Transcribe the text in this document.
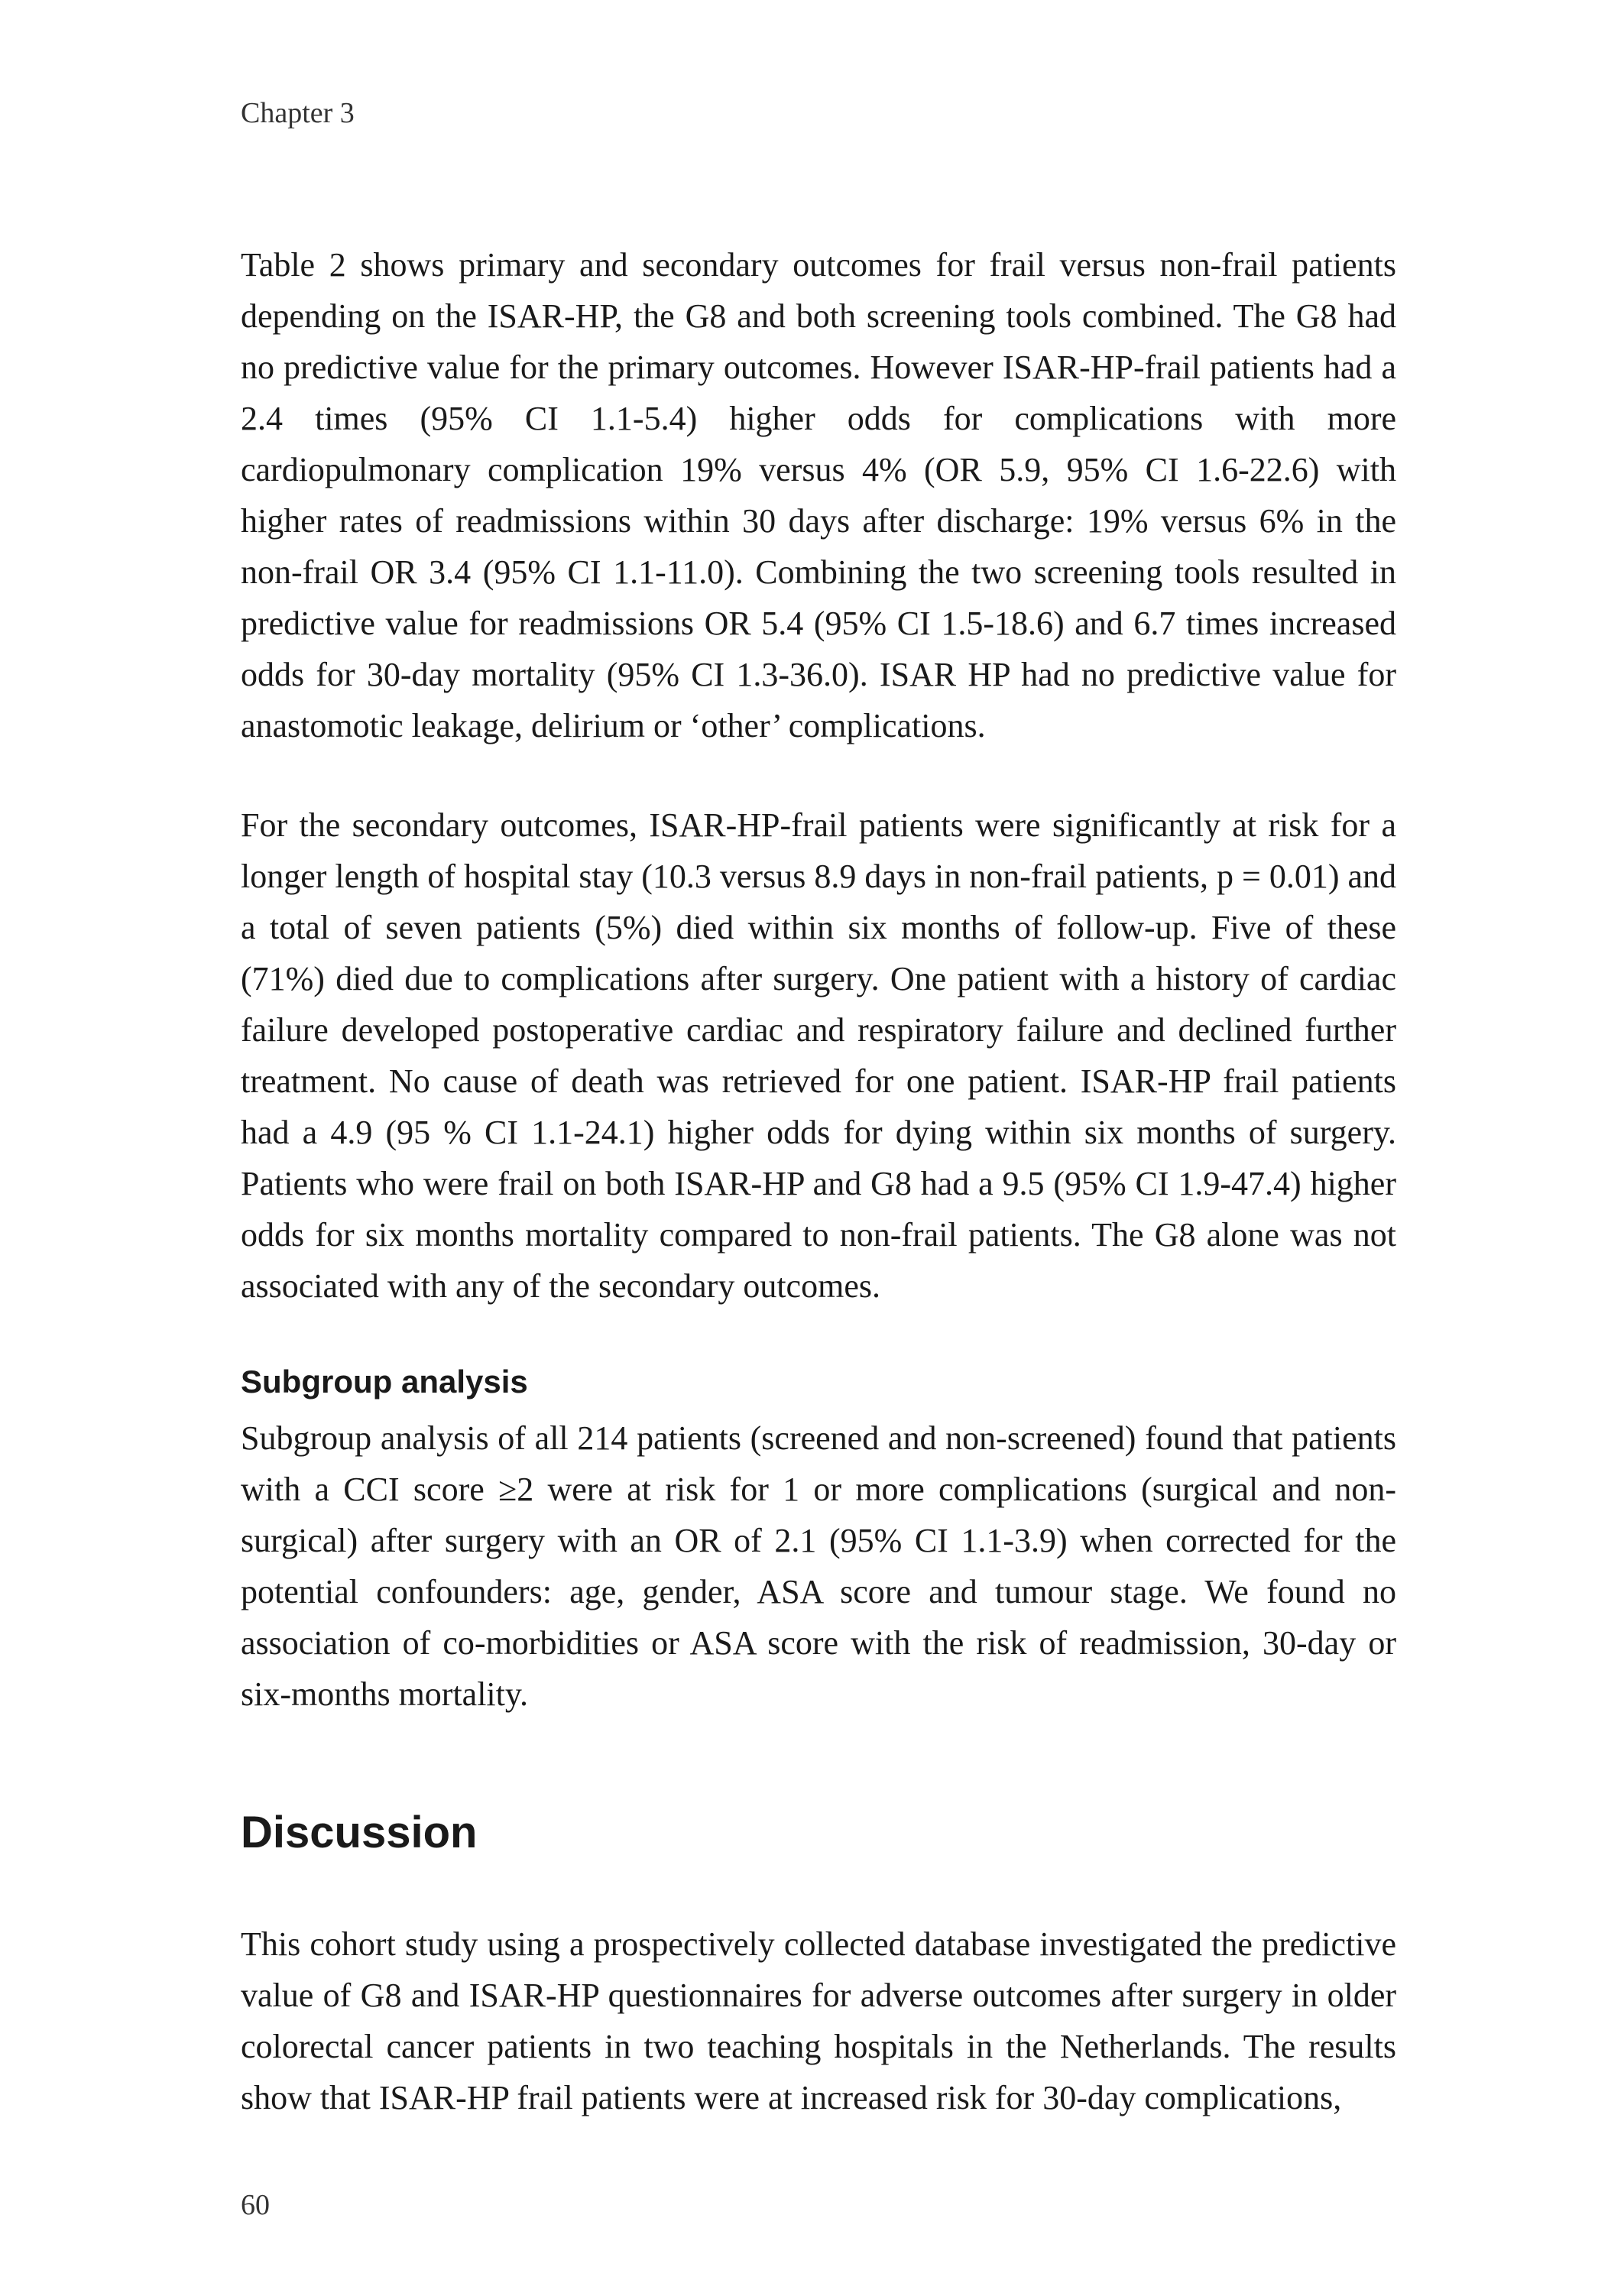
Chapter 3

Table 2 shows primary and secondary outcomes for frail versus non-frail patients depending on the ISAR-HP, the G8 and both screening tools combined. The G8 had no predictive value for the primary outcomes. However ISAR-HP-frail patients had a 2.4 times (95% CI 1.1-5.4) higher odds for complications with more cardiopulmonary complication 19% versus 4% (OR 5.9, 95% CI 1.6-22.6) with higher rates of readmissions within 30 days after discharge: 19% versus 6% in the non-frail OR 3.4 (95% CI 1.1-11.0). Combining the two screening tools resulted in predictive value for readmissions OR 5.4 (95% CI 1.5-18.6) and 6.7 times increased odds for 30-day mortality (95% CI 1.3-36.0). ISAR HP had no predictive value for anastomotic leakage, delirium or ‘other’ complications.

For the secondary outcomes, ISAR-HP-frail patients were significantly at risk for a longer length of hospital stay (10.3 versus 8.9 days in non-frail patients, p = 0.01) and a total of seven patients (5%) died within six months of follow-up. Five of these (71%) died due to complications after surgery. One patient with a history of cardiac failure developed postoperative cardiac and respiratory failure and declined further treatment. No cause of death was retrieved for one patient. ISAR-HP frail patients had a 4.9 (95 % CI 1.1-24.1) higher odds for dying within six months of surgery. Patients who were frail on both ISAR-HP and G8 had a 9.5 (95% CI 1.9-47.4) higher odds for six months mortality compared to non-frail patients. The G8 alone was not associated with any of the secondary outcomes.

Subgroup analysis

Subgroup analysis of all 214 patients (screened and non-screened) found that patients with a CCI score ≥2 were at risk for 1 or more complications (surgical and non-surgical) after surgery with an OR of 2.1 (95% CI 1.1-3.9) when corrected for the potential confounders: age, gender, ASA score and tumour stage. We found no association of co-morbidities or ASA score with the risk of readmission, 30-day or six-months mortality.

Discussion

This cohort study using a prospectively collected database investigated the predictive value of G8 and ISAR-HP questionnaires for adverse outcomes after surgery in older colorectal cancer patients in two teaching hospitals in the Netherlands. The results show that ISAR-HP frail patients were at increased risk for 30-day complications,

60
